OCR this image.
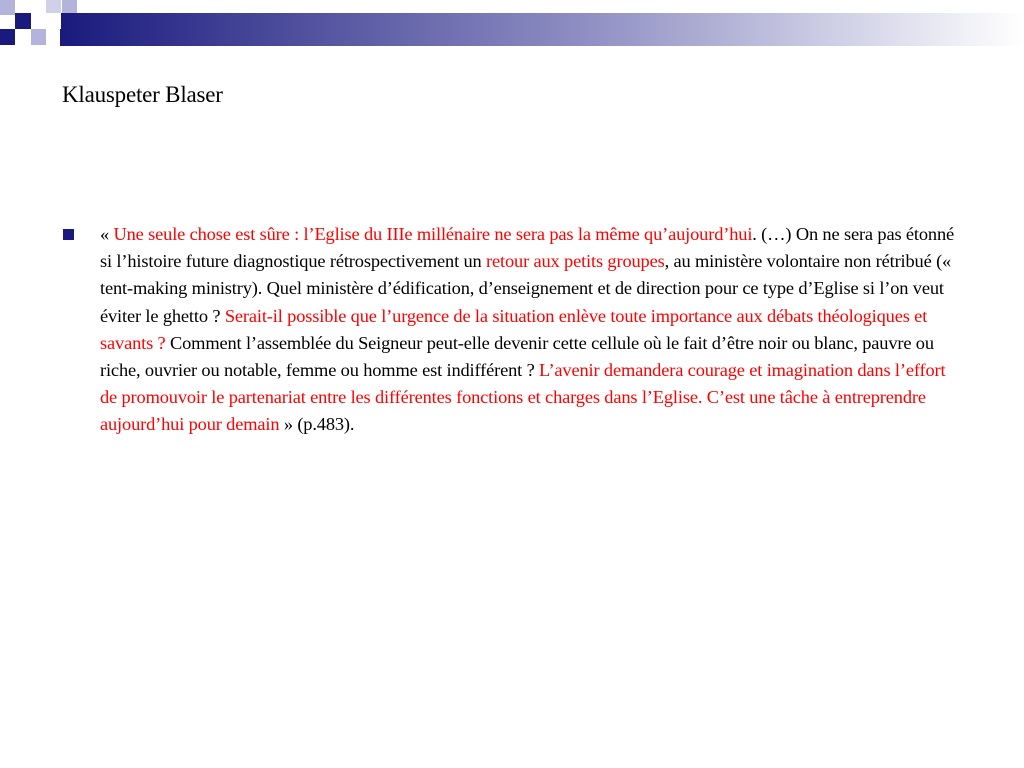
Klauspeter Blaser
« Une seule chose est sûre : l’Eglise du IIIe millénaire ne sera pas la même qu’aujourd’hui. (…) On ne sera pas étonné si l’histoire future diagnostique rétrospectivement un retour aux petits groupes, au ministère volontaire non rétribué (« tent-making ministry). Quel ministère d’édification, d’enseignement et de direction pour ce type d’Eglise si l’on veut éviter le ghetto ? Serait-il possible que l’urgence de la situation enlève toute importance aux débats théologiques et savants ? Comment l’assemblée du Seigneur peut-elle devenir cette cellule où le fait d’être noir ou blanc, pauvre ou riche, ouvrier ou notable, femme ou homme est indifférent ? L’avenir demandera courage et imagination dans l’effort de promouvoir le partenariat entre les différentes fonctions et charges dans l’Eglise. C’est une tâche à entreprendre aujourd’hui pour demain » (p.483).
